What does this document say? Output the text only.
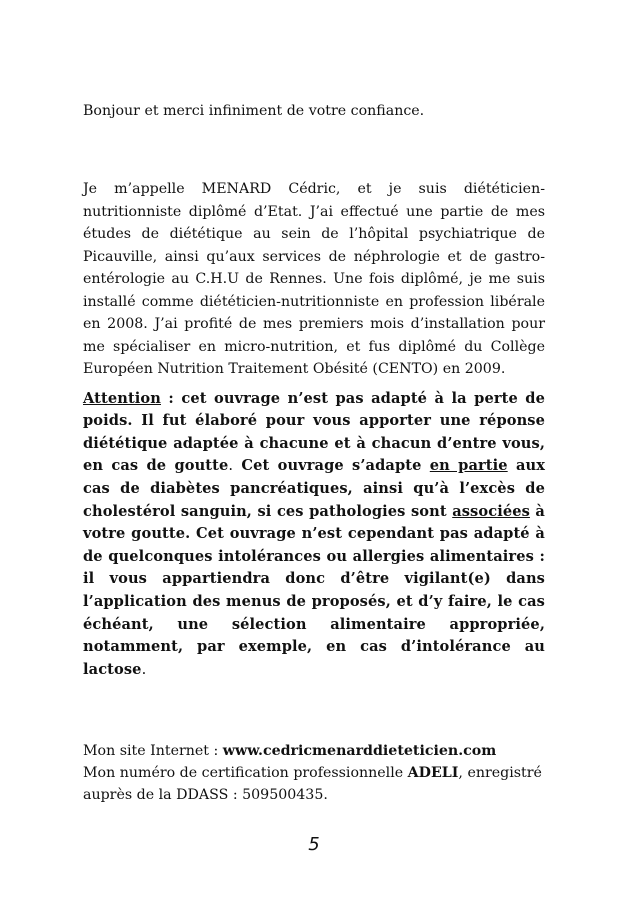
Bonjour et merci infiniment de votre confiance.

Je m’appelle MENARD Cédric, et je suis diététicien-nutritionniste diplômé d’Etat. J’ai effectué une partie de mes études de diététique au sein de l’hôpital psychiatrique de Picauville, ainsi qu’aux services de néphrologie et de gastro-entérologie au C.H.U de Rennes. Une fois diplômé, je me suis installé comme diététicien-nutritionniste en profession libérale en 2008. J’ai profité de mes premiers mois d’installation pour me spécialiser en micro-nutrition, et fus diplômé du Collège Européen Nutrition Traitement Obésité (CENTO) en 2009.

Attention : cet ouvrage n’est pas adapté à la perte de poids. Il fut élaboré pour vous apporter une réponse diététique adaptée à chacune et à chacun d’entre vous, en cas de goutte. Cet ouvrage s’adapte en partie aux cas de diabètes pancréatiques, ainsi qu’à l’excès de cholestérol sanguin, si ces pathologies sont associées à votre goutte. Cet ouvrage n’est cependant pas adapté à de quelconques intolérances ou allergies alimentaires : il vous appartiendra donc d’être vigilant(e) dans l’application des menus de proposés, et d’y faire, le cas échéant, une sélection alimentaire appropriée, notamment, par exemple, en cas d’intolérance au lactose.

Mon site Internet : www.cedricmenarddieteticien.com
Mon numéro de certification professionnelle ADELI, enregistré
auprès de la DDASS : 509500435.
5
